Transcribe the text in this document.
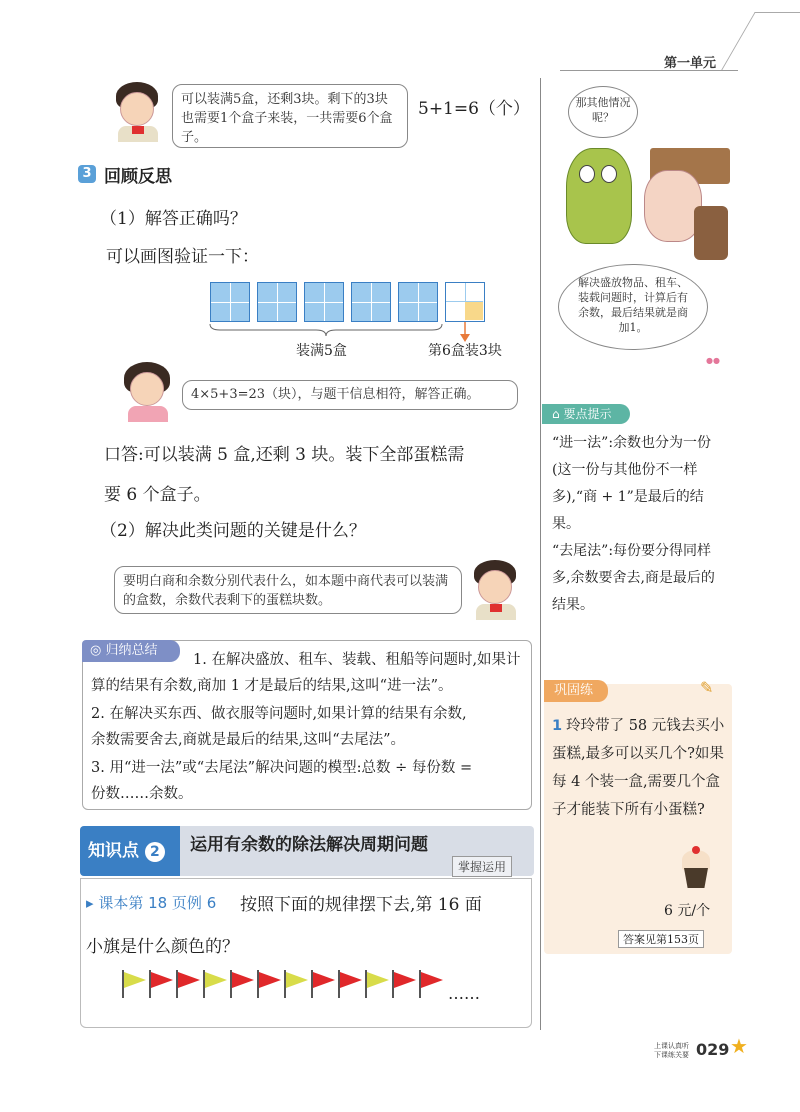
第一单元
可以装满5盒，还剩3块。剩下的3块也需要1个盒子来装，一共需要6个盒子。
5+1=6（个）
3 回顾反思
（1）解答正确吗？
可以画图验证一下：
装满5盒	第6盒装3块
4×5+3=23（块），与题干信息相符，解答正确。
口答:可以装满 5 盒,还剩 3 块。装下全部蛋糕需
要 6 个盒子。
（2）解决此类问题的关键是什么？
要明白商和余数分别代表什么，如本题中商代表可以装满的盒数，余数代表剩下的蛋糕块数。
◎ 归纳总结
1. 在解决盛放、租车、装载、租船等问题时,如果计
算的结果有余数,商加 1 才是最后的结果,这叫“进一法”。
2. 在解决买东西、做衣服等问题时,如果计算的结果有余数,
余数需要舍去,商就是最后的结果,这叫“去尾法”。
3. 用“进一法”或“去尾法”解决问题的模型:总数 ÷ 每份数 =
份数……余数。
知识点 2	运用有余数的除法解决周期问题
掌握运用
▸ 课本第 18 页例 6 按照下面的规律摆下去,第 16 面
小旗是什么颜色的？
……
那其他情况呢？
解决盛放物品、租车、装载问题时，计算后有余数，最后结果就是商加1。
●●
⌂ 要点提示
“进一法”:余数也分为一份(这一份与其他份不一样多),“商 + 1”是最后的结果。
“去尾法”:每份要分得同样多,余数要舍去,商是最后的结果。
巩固练	✎
1 玲玲带了 58 元钱去买小蛋糕,最多可以买几个?如果每 4 个装一盒,需要几个盒子才能装下所有小蛋糕?
6 元/个
答案见第153页
上课认真听
下课练关要 029 ★
